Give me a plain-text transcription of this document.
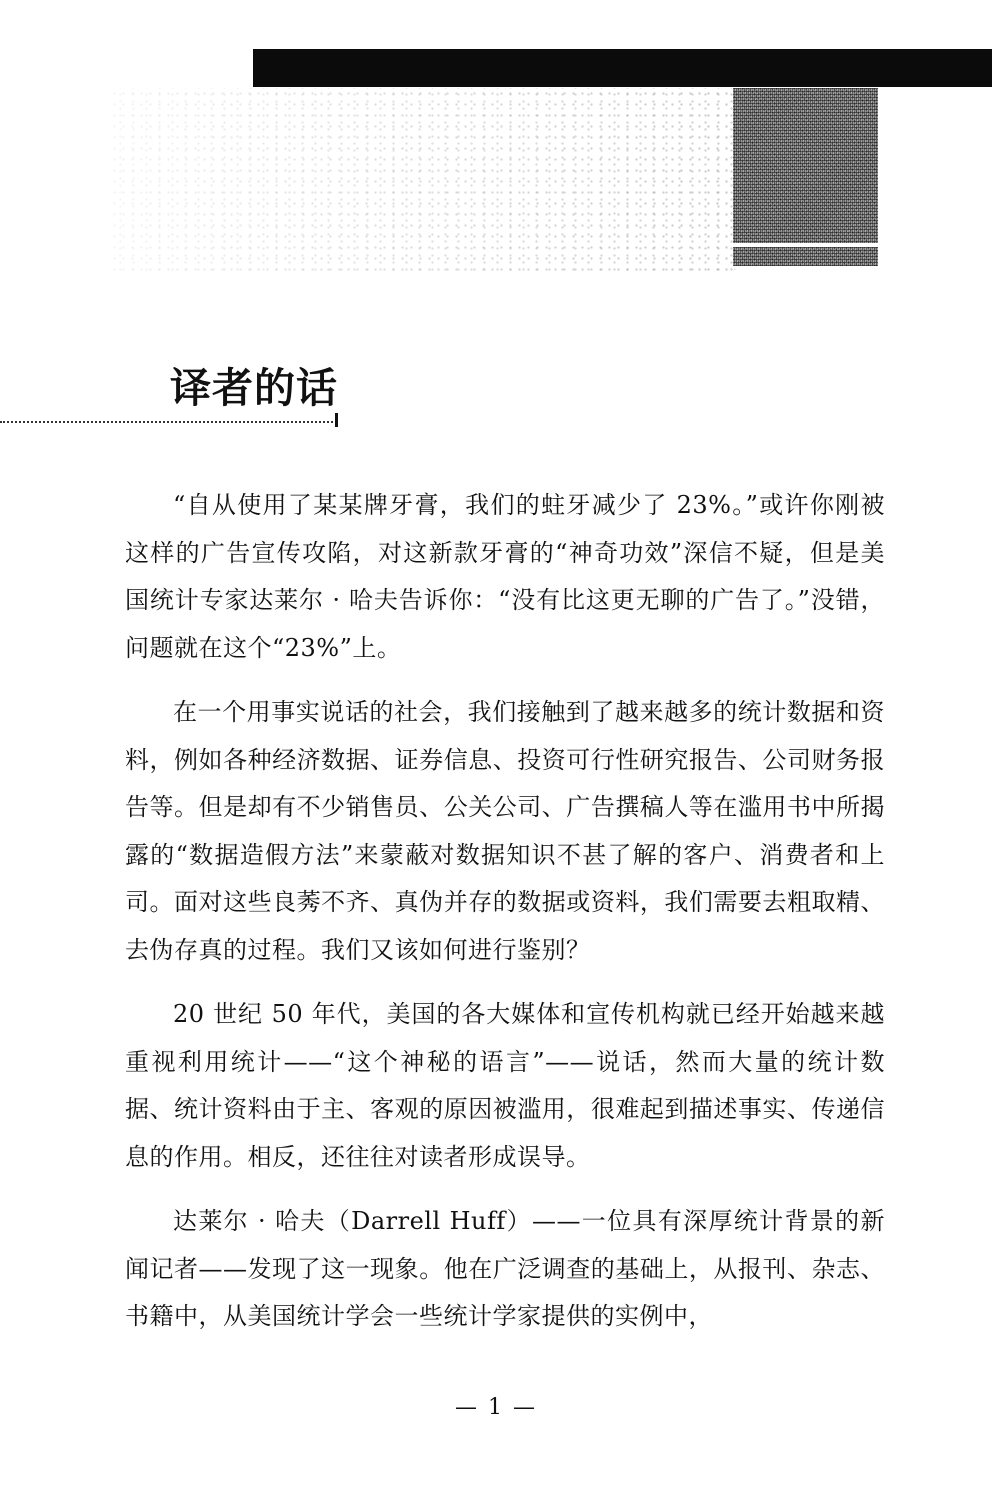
译者的话

“自从使用了某某牌牙膏，我们的蛀牙减少了 23%。”或许你刚被这样的广告宣传攻陷，对这新款牙膏的“神奇功效”深信不疑，但是美国统计专家达莱尔 · 哈夫告诉你：“没有比这更无聊的广告了。”没错，问题就在这个“23%”上。

在一个用事实说话的社会，我们接触到了越来越多的统计数据和资料，例如各种经济数据、证券信息、投资可行性研究报告、公司财务报告等。但是却有不少销售员、公关公司、广告撰稿人等在滥用书中所揭露的“数据造假方法”来蒙蔽对数据知识不甚了解的客户、消费者和上司。面对这些良莠不齐、真伪并存的数据或资料，我们需要去粗取精、去伪存真的过程。我们又该如何进行鉴别？

20 世纪 50 年代，美国的各大媒体和宣传机构就已经开始越来越重视利用统计——“这个神秘的语言”——说话，然而大量的统计数据、统计资料由于主、客观的原因被滥用，很难起到描述事实、传递信息的作用。相反，还往往对读者形成误导。

达莱尔 · 哈夫（Darrell Huff）——一位具有深厚统计背景的新闻记者——发现了这一现象。他在广泛调查的基础上，从报刊、杂志、书籍中，从美国统计学会一些统计学家提供的实例中，

— 1 —
